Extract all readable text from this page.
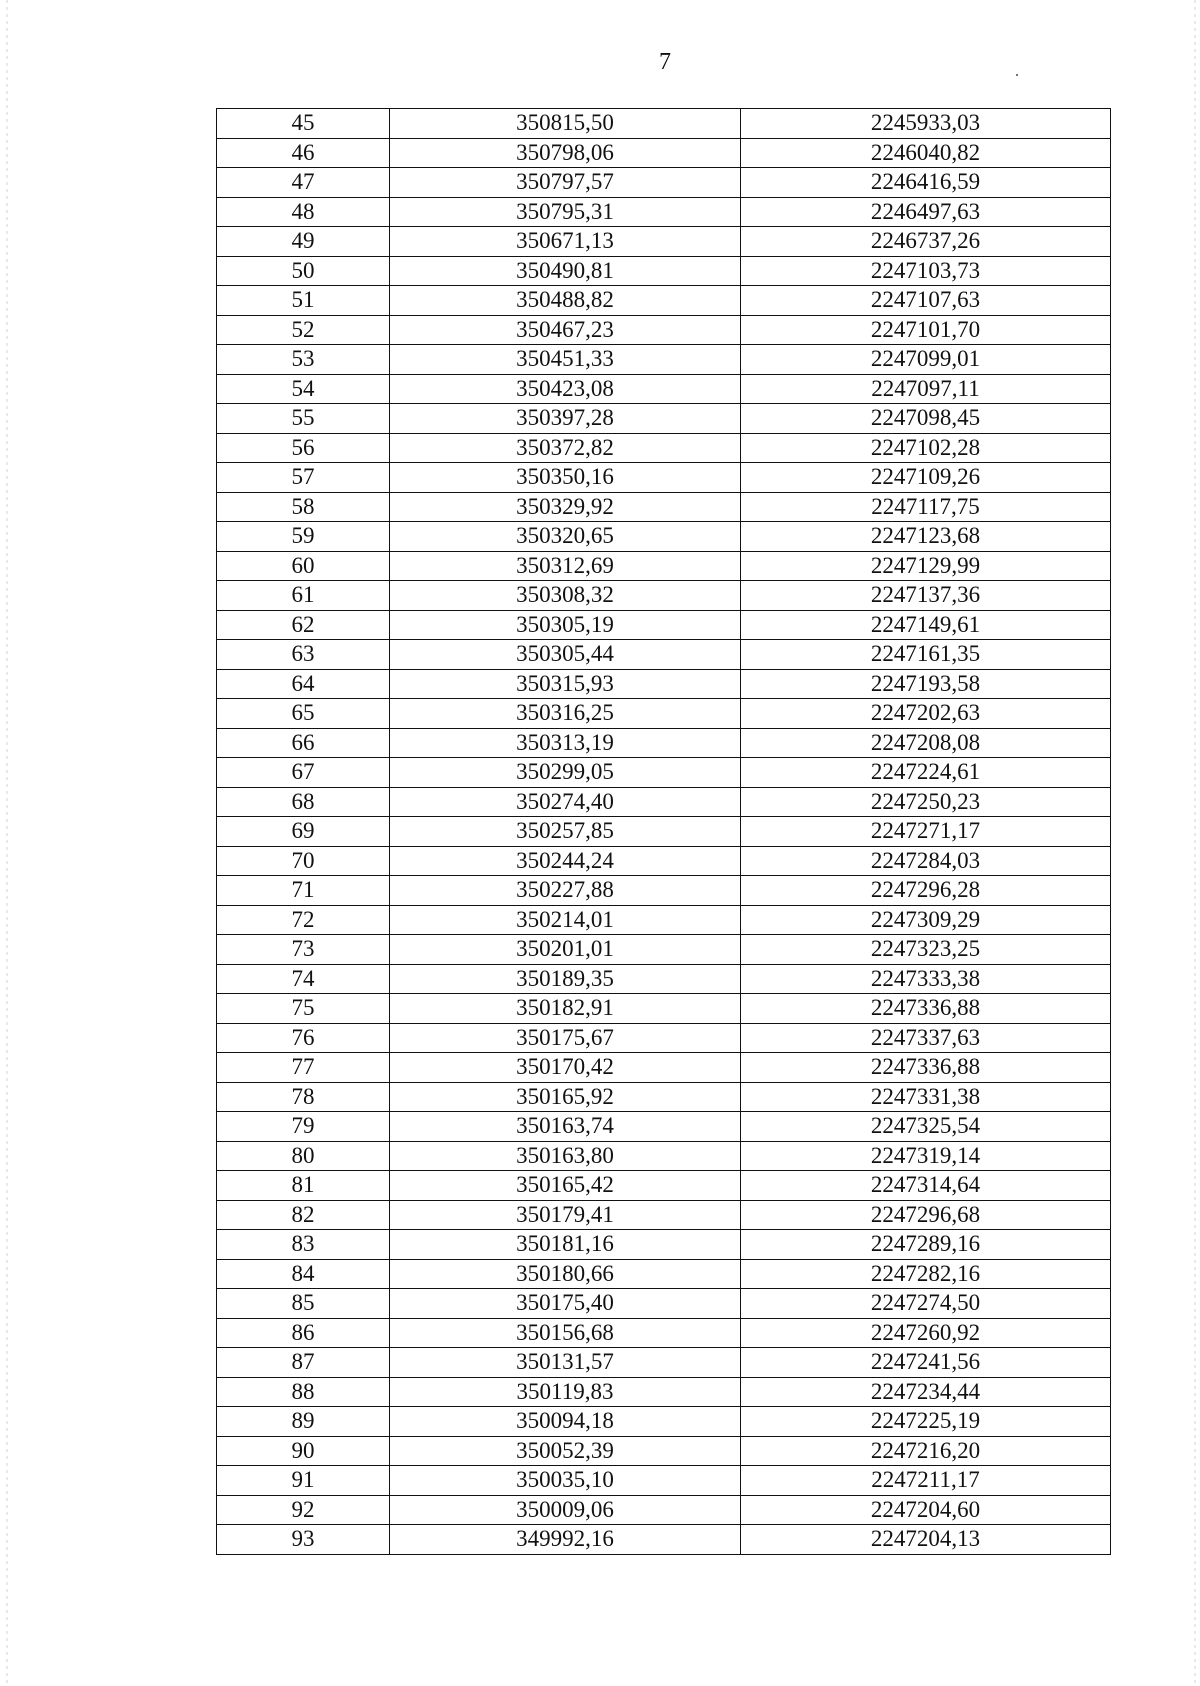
7
45	350815,50	2245933,03
46	350798,06	2246040,82
47	350797,57	2246416,59
48	350795,31	2246497,63
49	350671,13	2246737,26
50	350490,81	2247103,73
51	350488,82	2247107,63
52	350467,23	2247101,70
53	350451,33	2247099,01
54	350423,08	2247097,11
55	350397,28	2247098,45
56	350372,82	2247102,28
57	350350,16	2247109,26
58	350329,92	2247117,75
59	350320,65	2247123,68
60	350312,69	2247129,99
61	350308,32	2247137,36
62	350305,19	2247149,61
63	350305,44	2247161,35
64	350315,93	2247193,58
65	350316,25	2247202,63
66	350313,19	2247208,08
67	350299,05	2247224,61
68	350274,40	2247250,23
69	350257,85	2247271,17
70	350244,24	2247284,03
71	350227,88	2247296,28
72	350214,01	2247309,29
73	350201,01	2247323,25
74	350189,35	2247333,38
75	350182,91	2247336,88
76	350175,67	2247337,63
77	350170,42	2247336,88
78	350165,92	2247331,38
79	350163,74	2247325,54
80	350163,80	2247319,14
81	350165,42	2247314,64
82	350179,41	2247296,68
83	350181,16	2247289,16
84	350180,66	2247282,16
85	350175,40	2247274,50
86	350156,68	2247260,92
87	350131,57	2247241,56
88	350119,83	2247234,44
89	350094,18	2247225,19
90	350052,39	2247216,20
91	350035,10	2247211,17
92	350009,06	2247204,60
93	349992,16	2247204,13
